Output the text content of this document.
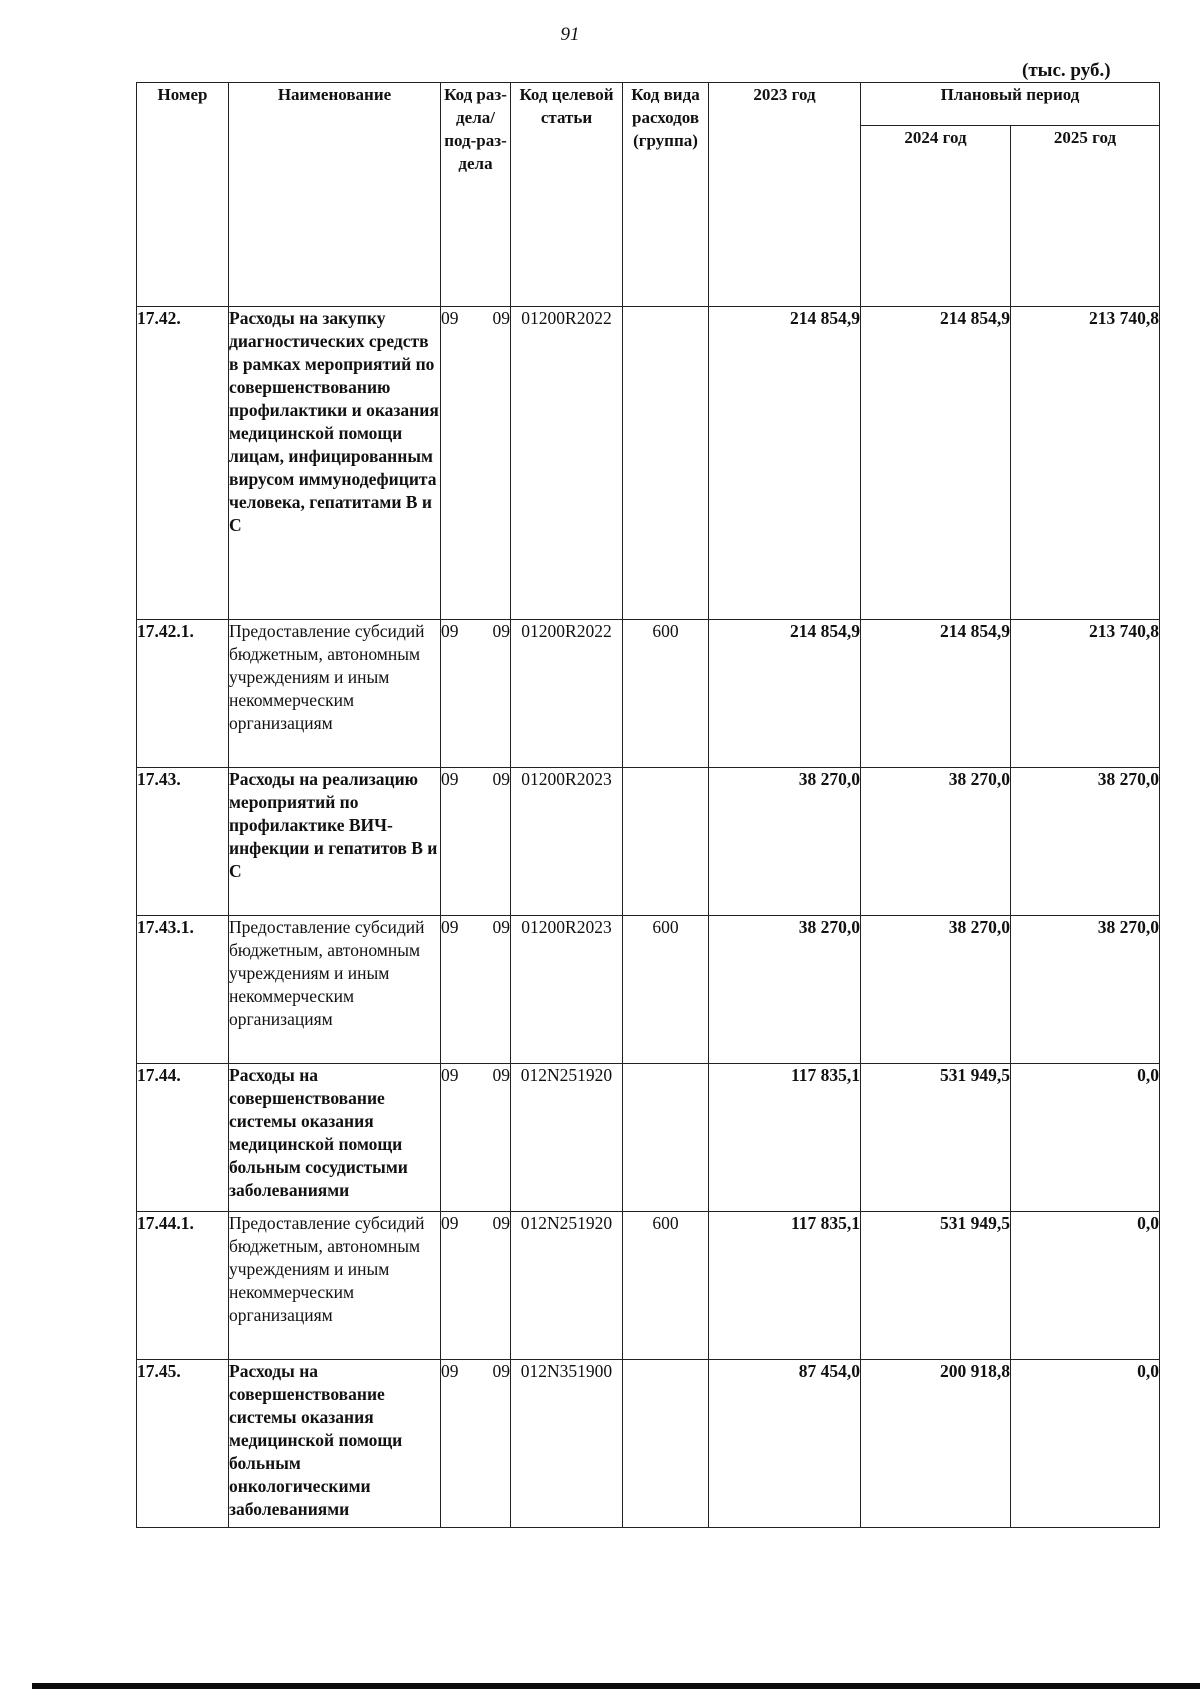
91
(тыс. руб.)
Номер	Наименование	Код раз-дела/ под-раз-дела	Код целевой статьи	Код вида расходов (группа)	2023 год	Плановый период	
						2024 год	2025 год
17.42.	Расходы на закупку диагностических средств в рамках мероприятий по совершенствованию профилактики и оказания медицинской помощи лицам, инфицированным вирусом иммунодефицита человека, гепатитами В и С	09 09	01200R2022		214 854,9	214 854,9	213 740,8
17.42.1.	Предоставление субсидий бюджетным, автономным учреждениям и иным некоммерческим организациям	09 09	01200R2022	600	214 854,9	214 854,9	213 740,8
17.43.	Расходы на реализацию мероприятий по профилактике ВИЧ-инфекции и гепатитов В и С	09 09	01200R2023		38 270,0	38 270,0	38 270,0
17.43.1.	Предоставление субсидий бюджетным, автономным учреждениям и иным некоммерческим организациям	09 09	01200R2023	600	38 270,0	38 270,0	38 270,0
17.44.	Расходы на совершенствование системы оказания медицинской помощи больным сосудистыми заболеваниями	09 09	012N251920		117 835,1	531 949,5	0,0
17.44.1.	Предоставление субсидий бюджетным, автономным учреждениям и иным некоммерческим организациям	09 09	012N251920	600	117 835,1	531 949,5	0,0
17.45.	Расходы на совершенствование системы оказания медицинской помощи больным онкологическими заболеваниями	09 09	012N351900		87 454,0	200 918,8	0,0
